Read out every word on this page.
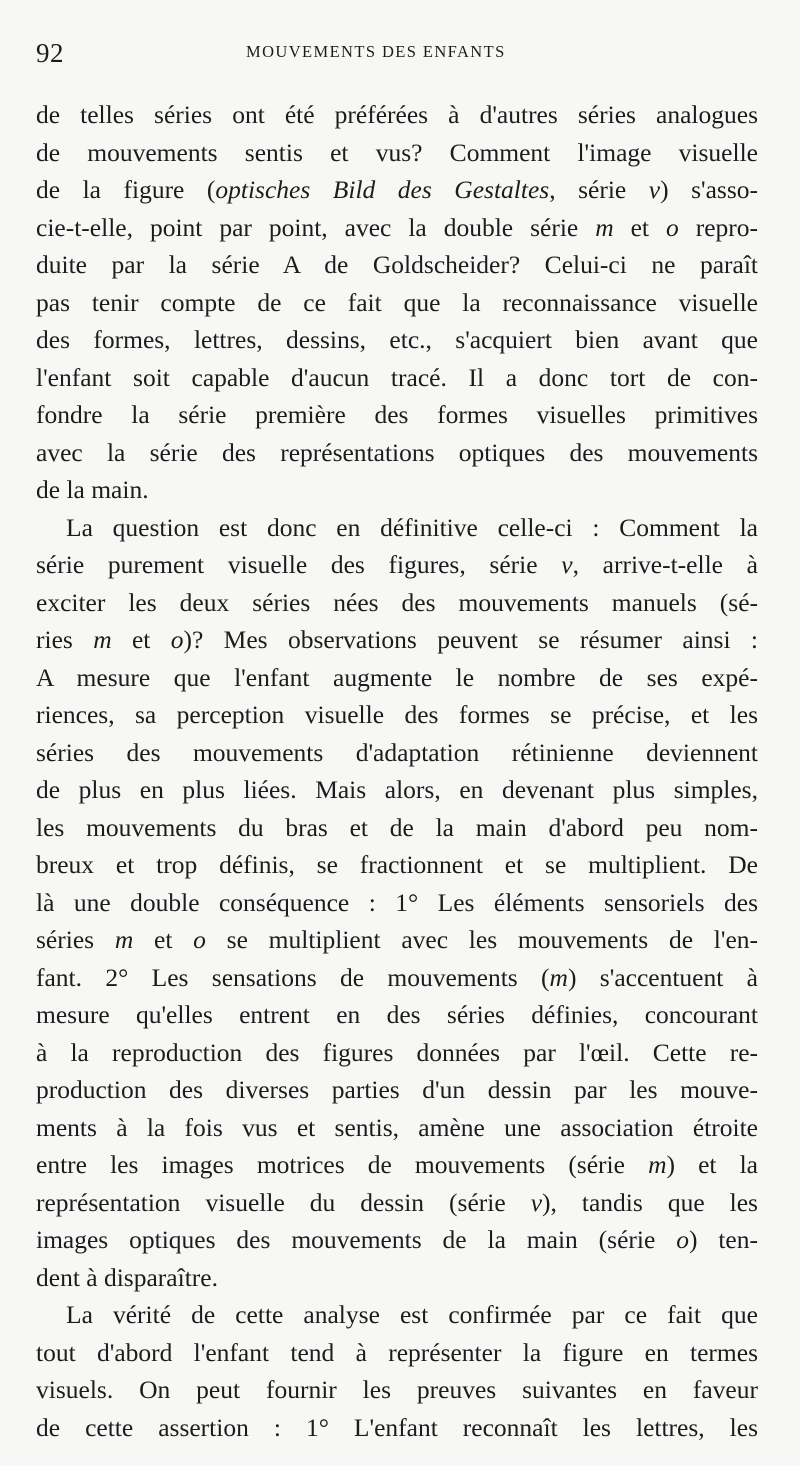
92	MOUVEMENTS DES ENFANTS
de telles séries ont été préférées à d'autres séries analogues
de mouvements sentis et vus? Comment l'image visuelle
de la figure (optisches Bild des Gestaltes, série v) s'asso-
cie-t-elle, point par point, avec la double série m et o repro-
duite par la série A de Goldscheider? Celui-ci ne paraît
pas tenir compte de ce fait que la reconnaissance visuelle
des formes, lettres, dessins, etc., s'acquiert bien avant que
l'enfant soit capable d'aucun tracé. Il a donc tort de con-
fondre la série première des formes visuelles primitives
avec la série des représentations optiques des mouvements
de la main.
La question est donc en définitive celle-ci : Comment la
série purement visuelle des figures, série v, arrive-t-elle à
exciter les deux séries nées des mouvements manuels (sé-
ries m et o)? Mes observations peuvent se résumer ainsi :
A mesure que l'enfant augmente le nombre de ses expé-
riences, sa perception visuelle des formes se précise, et les
séries des mouvements d'adaptation rétinienne deviennent
de plus en plus liées. Mais alors, en devenant plus simples,
les mouvements du bras et de la main d'abord peu nom-
breux et trop définis, se fractionnent et se multiplient. De
là une double conséquence : 1° Les éléments sensoriels des
séries m et o se multiplient avec les mouvements de l'en-
fant. 2° Les sensations de mouvements (m) s'accentuent à
mesure qu'elles entrent en des séries définies, concourant
à la reproduction des figures données par l'œil. Cette re-
production des diverses parties d'un dessin par les mouve-
ments à la fois vus et sentis, amène une association étroite
entre les images motrices de mouvements (série m) et la
représentation visuelle du dessin (série v), tandis que les
images optiques des mouvements de la main (série o) ten-
dent à disparaître.
La vérité de cette analyse est confirmée par ce fait que
tout d'abord l'enfant tend à représenter la figure en termes
visuels. On peut fournir les preuves suivantes en faveur
de cette assertion : 1° L'enfant reconnaît les lettres, les
